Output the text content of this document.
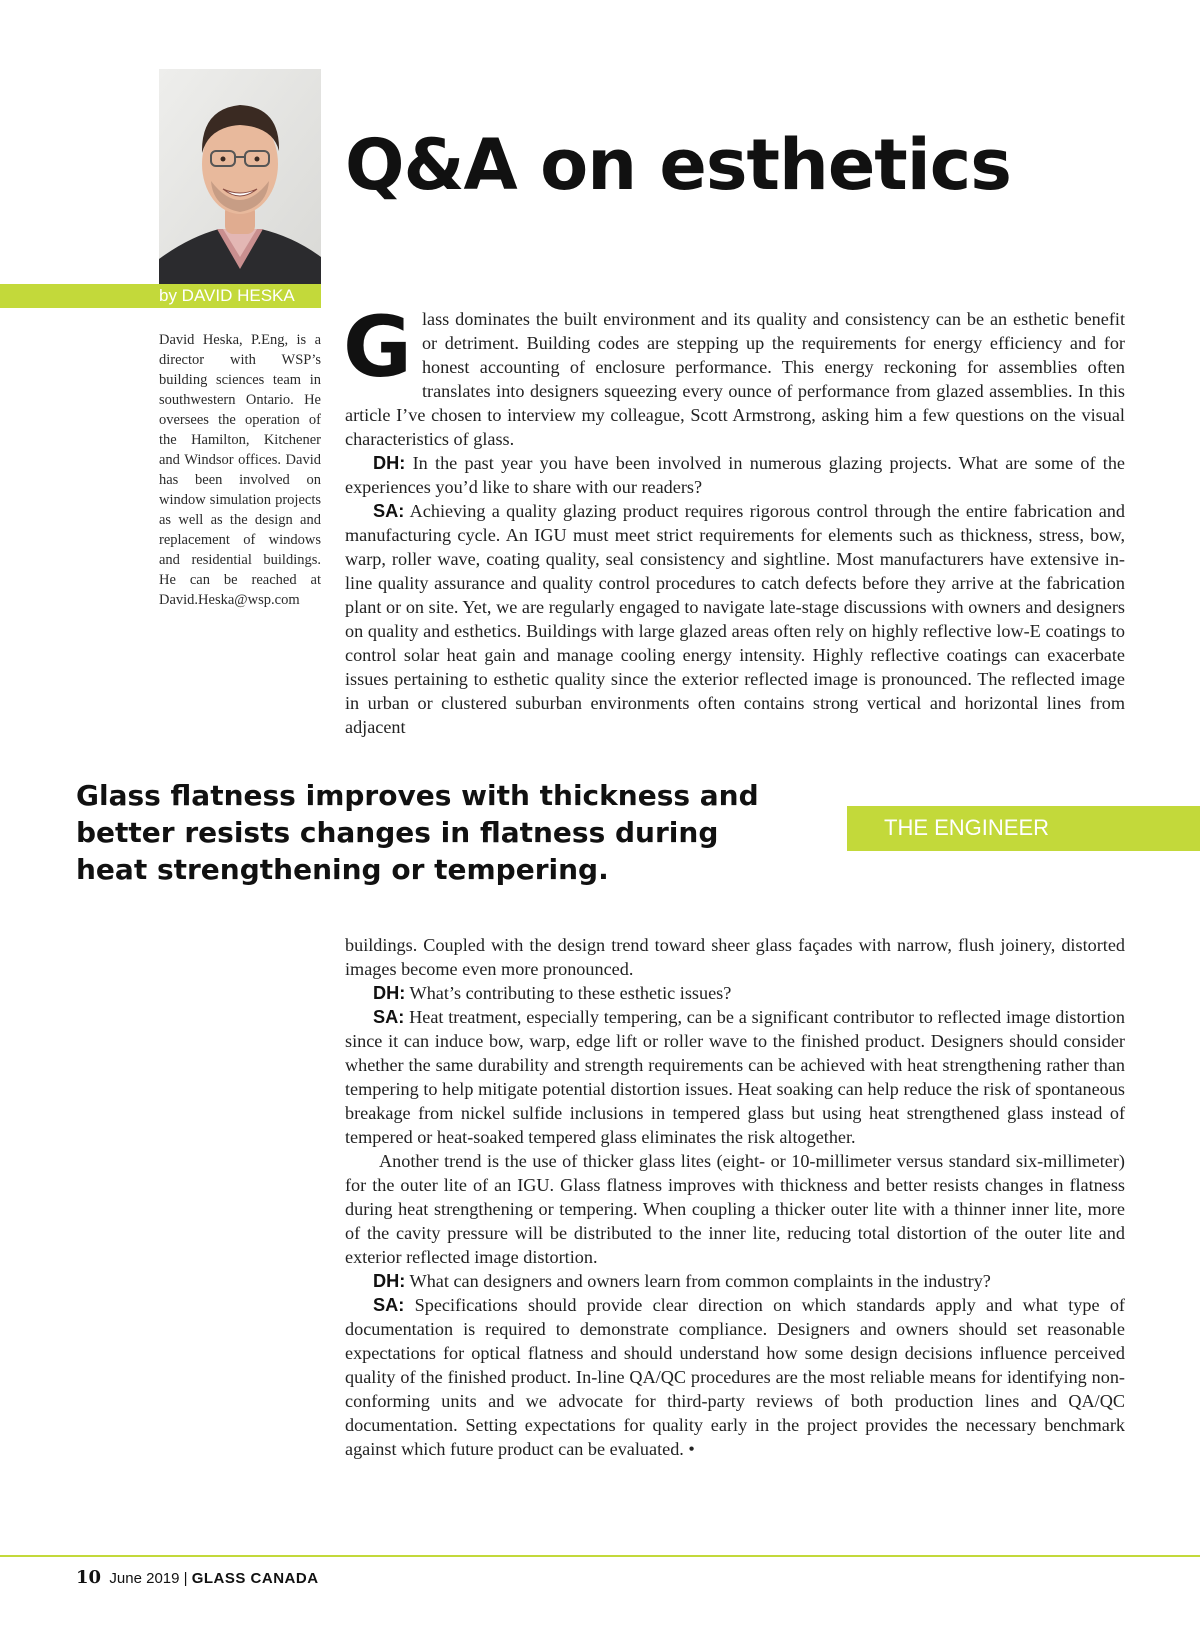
Q&A on esthetics
by DAVID HESKA

David Heska, P.Eng, is a director with WSP’s building sciences team in southwestern Ontario. He oversees the operation of the Hamilton, Kitchener and Windsor offices. David has been involved on window simulation projects as well as the design and replacement of windows and residential buildings. He can be reached at David.Heska@wsp.com

Glass dominates the built environment and its quality and consistency can be an esthetic benefit or detriment. Building codes are stepping up the requirements for energy efficiency and for honest accounting of enclosure performance. This energy reckoning for assemblies often translates into designers squeezing every ounce of performance from glazed assemblies. In this article I’ve chosen to interview my colleague, Scott Armstrong, asking him a few questions on the visual characteristics of glass.

DH: In the past year you have been involved in numerous glazing projects. What are some of the experiences you’d like to share with our readers?

SA: Achieving a quality glazing product requires rigorous control through the entire fabrication and manufacturing cycle. An IGU must meet strict requirements for elements such as thickness, stress, bow, warp, roller wave, coating quality, seal consistency and sightline. Most manufacturers have extensive in-line quality assurance and quality control procedures to catch defects before they arrive at the fabrication plant or on site. Yet, we are regularly engaged to navigate late-stage discussions with owners and designers on quality and esthetics. Buildings with large glazed areas often rely on highly reflective low-E coatings to control solar heat gain and manage cooling energy intensity. Highly reflective coatings can exacerbate issues pertaining to esthetic quality since the exterior reflected image is pronounced. The reflected image in urban or clustered suburban environments often contains strong vertical and horizontal lines from adjacent

Glass flatness improves with thickness and better resists changes in flatness during heat strengthening or tempering.

THE ENGINEER

buildings. Coupled with the design trend toward sheer glass façades with narrow, flush joinery, distorted images become even more pronounced.

DH: What’s contributing to these esthetic issues?

SA: Heat treatment, especially tempering, can be a significant contributor to reflected image distortion since it can induce bow, warp, edge lift or roller wave to the finished product. Designers should consider whether the same durability and strength requirements can be achieved with heat strengthening rather than tempering to help mitigate potential distortion issues. Heat soaking can help reduce the risk of spontaneous breakage from nickel sulfide inclusions in tempered glass but using heat strengthened glass instead of tempered or heat-soaked tempered glass eliminates the risk altogether.

Another trend is the use of thicker glass lites (eight- or 10-millimeter versus standard six-millimeter) for the outer lite of an IGU. Glass flatness improves with thickness and better resists changes in flatness during heat strengthening or tempering. When coupling a thicker outer lite with a thinner inner lite, more of the cavity pressure will be distributed to the inner lite, reducing total distortion of the outer lite and exterior reflected image distortion.

DH: What can designers and owners learn from common complaints in the industry?

SA: Specifications should provide clear direction on which standards apply and what type of documentation is required to demonstrate compliance. Designers and owners should set reasonable expectations for optical flatness and should understand how some design decisions influence perceived quality of the finished product. In-line QA/QC procedures are the most reliable means for identifying non-conforming units and we advocate for third-party reviews of both production lines and QA/QC documentation. Setting expectations for quality early in the project provides the necessary benchmark against which future product can be evaluated. •

10 June 2019 | GLASS CANADA
